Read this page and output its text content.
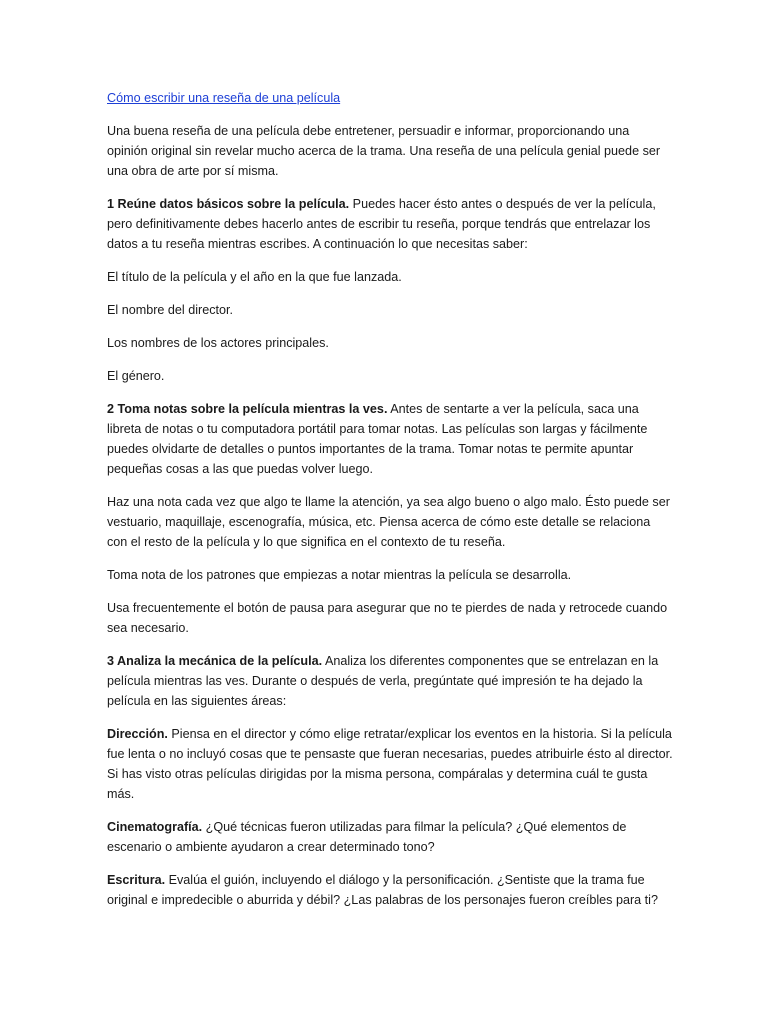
Cómo escribir una reseña de una película

Una buena reseña de una película debe entretener, persuadir e informar, proporcionando una opinión original sin revelar mucho acerca de la trama. Una reseña de una película genial puede ser una obra de arte por sí misma.

1 Reúne datos básicos sobre la película. Puedes hacer ésto antes o después de ver la película, pero definitivamente debes hacerlo antes de escribir tu reseña, porque tendrás que entrelazar los datos a tu reseña mientras escribes. A continuación lo que necesitas saber:

El título de la película y el año en la que fue lanzada.

El nombre del director.

Los nombres de los actores principales.

El género.

2 Toma notas sobre la película mientras la ves. Antes de sentarte a ver la película, saca una libreta de notas o tu computadora portátil para tomar notas. Las películas son largas y fácilmente puedes olvidarte de detalles o puntos importantes de la trama. Tomar notas te permite apuntar pequeñas cosas a las que puedas volver luego.

Haz una nota cada vez que algo te llame la atención, ya sea algo bueno o algo malo. Ésto puede ser vestuario, maquillaje, escenografía, música, etc. Piensa acerca de cómo este detalle se relaciona con el resto de la película y lo que significa en el contexto de tu reseña.

Toma nota de los patrones que empiezas a notar mientras la película se desarrolla.

Usa frecuentemente el botón de pausa para asegurar que no te pierdes de nada y retrocede cuando sea necesario.

3 Analiza la mecánica de la película. Analiza los diferentes componentes que se entrelazan en la película mientras las ves. Durante o después de verla, pregúntate qué impresión te ha dejado la película en las siguientes áreas:

Dirección. Piensa en el director y cómo elige retratar/explicar los eventos en la historia. Si la película fue lenta o no incluyó cosas que te pensaste que fueran necesarias, puedes atribuirle ésto al director. Si has visto otras películas dirigidas por la misma persona, compáralas y determina cuál te gusta más.

Cinematografía. ¿Qué técnicas fueron utilizadas para filmar la película? ¿Qué elementos de escenario o ambiente ayudaron a crear determinado tono?

Escritura. Evalúa el guión, incluyendo el diálogo y la personificación. ¿Sentiste que la trama fue original e impredecible o aburrida y débil? ¿Las palabras de los personajes fueron creíbles para ti?
